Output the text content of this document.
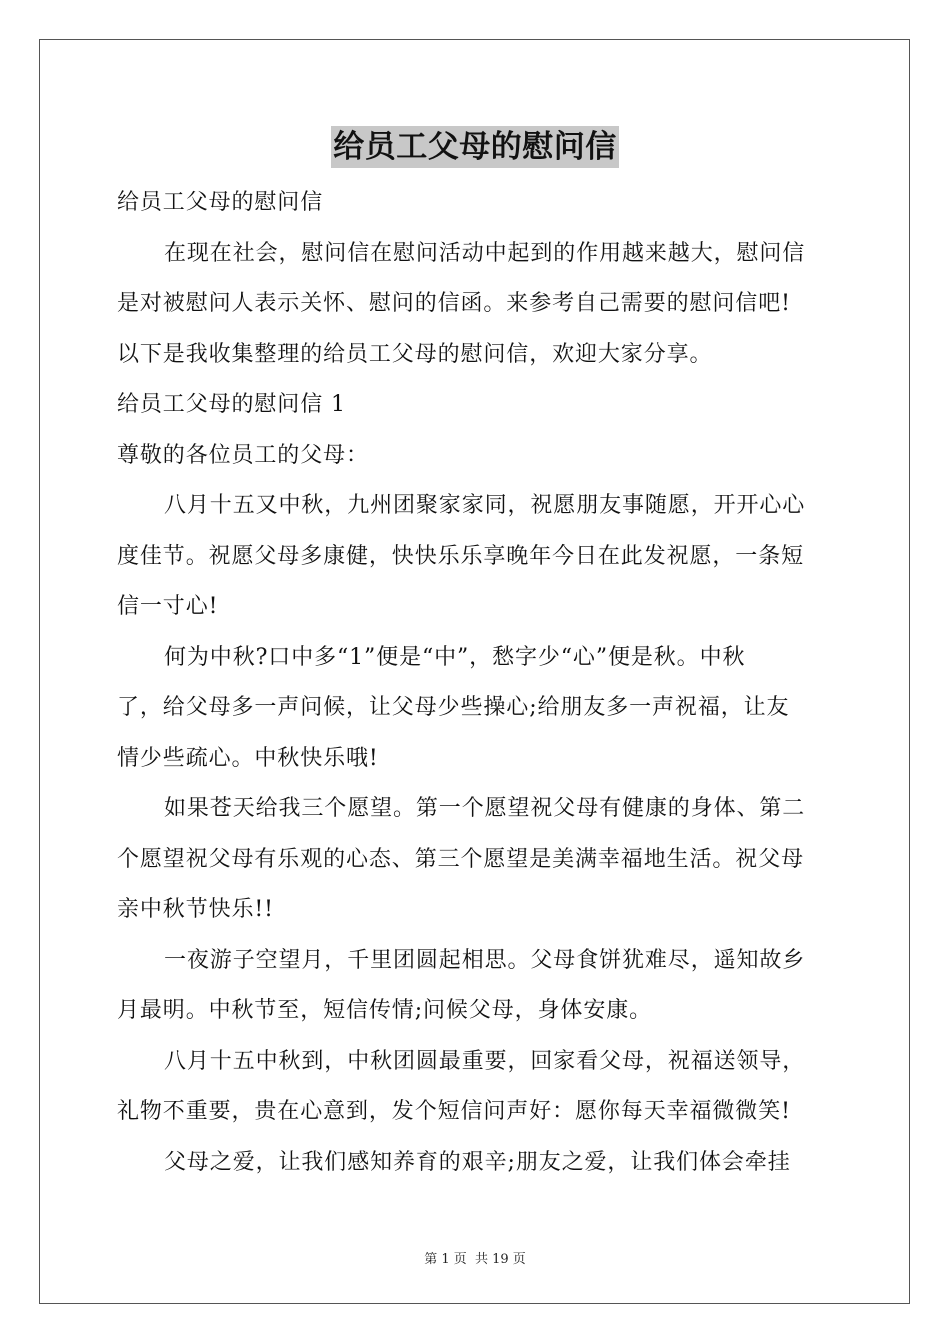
给员工父母的慰问信
给员工父母的慰问信
在现在社会，慰问信在慰问活动中起到的作用越来越大，慰问信
是对被慰问人表示关怀、慰问的信函。来参考自己需要的慰问信吧!
以下是我收集整理的给员工父母的慰问信，欢迎大家分享。
给员工父母的慰问信 1
尊敬的各位员工的父母：
八月十五又中秋，九州团聚家家同，祝愿朋友事随愿，开开心心
度佳节。祝愿父母多康健，快快乐乐享晚年今日在此发祝愿，一条短
信一寸心!
何为中秋?口中多“1”便是“中”，愁字少“心”便是秋。中秋
了，给父母多一声问候，让父母少些操心;给朋友多一声祝福，让友
情少些疏心。中秋快乐哦!
如果苍天给我三个愿望。第一个愿望祝父母有健康的身体、第二
个愿望祝父母有乐观的心态、第三个愿望是美满幸福地生活。祝父母
亲中秋节快乐!!
一夜游子空望月，千里团圆起相思。父母食饼犹难尽，遥知故乡
月最明。中秋节至，短信传情;问候父母，身体安康。
八月十五中秋到，中秋团圆最重要，回家看父母，祝福送领导，
礼物不重要，贵在心意到，发个短信问声好：愿你每天幸福微微笑!
父母之爱，让我们感知养育的艰辛;朋友之爱，让我们体会牵挂
第 1 页 共 19 页
